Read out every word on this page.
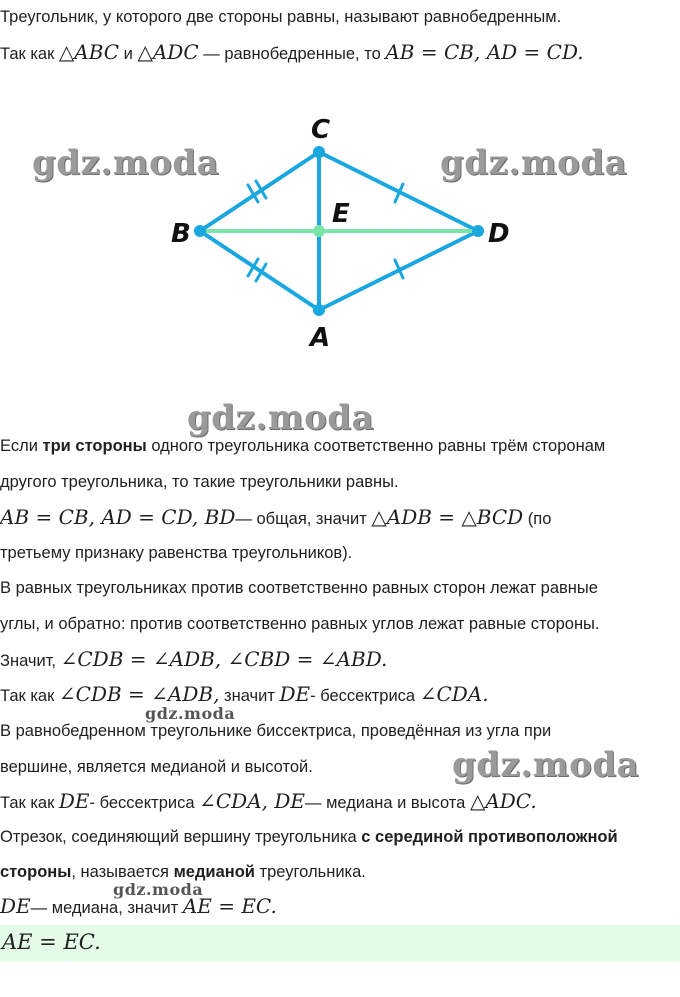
Треугольник, у которого две стороны равны, называют равнобедренным.
Так как △ABC и △ADC — равнобедренные, то AB = CB, AD = CD.
C
B
E
D
A
gdz.moda	gdz.moda
gdz.moda
gdz.moda
gdz.moda
gdz.moda
Если три стороны одного треугольника соответственно равны трём сторонам
другого треугольника, то такие треугольники равны.
AB = CB, AD = CD, BD— общая, значит △ADB = △BCD (по
третьему признаку равенства треугольников).
В равных треугольниках против соответственно равных сторон лежат равные
углы, и обратно: против соответственно равных углов лежат равные стороны.
Значит, ∠CDB = ∠ADB, ∠CBD = ∠ABD.
Так как ∠CDB = ∠ADB, значит DE- бессектриса ∠CDA.
В равнобедренном треугольнике биссектриса, проведённая из угла при
вершине, является медианой и высотой.
Так как DE- бессектриса ∠CDA, DE— медиана и высота △ADC.
Отрезок, соединяющий вершину треугольника с серединой противоположной
стороны, называется медианой треугольника.
DE— медиана, значит AE = EC.
AE = EC.
